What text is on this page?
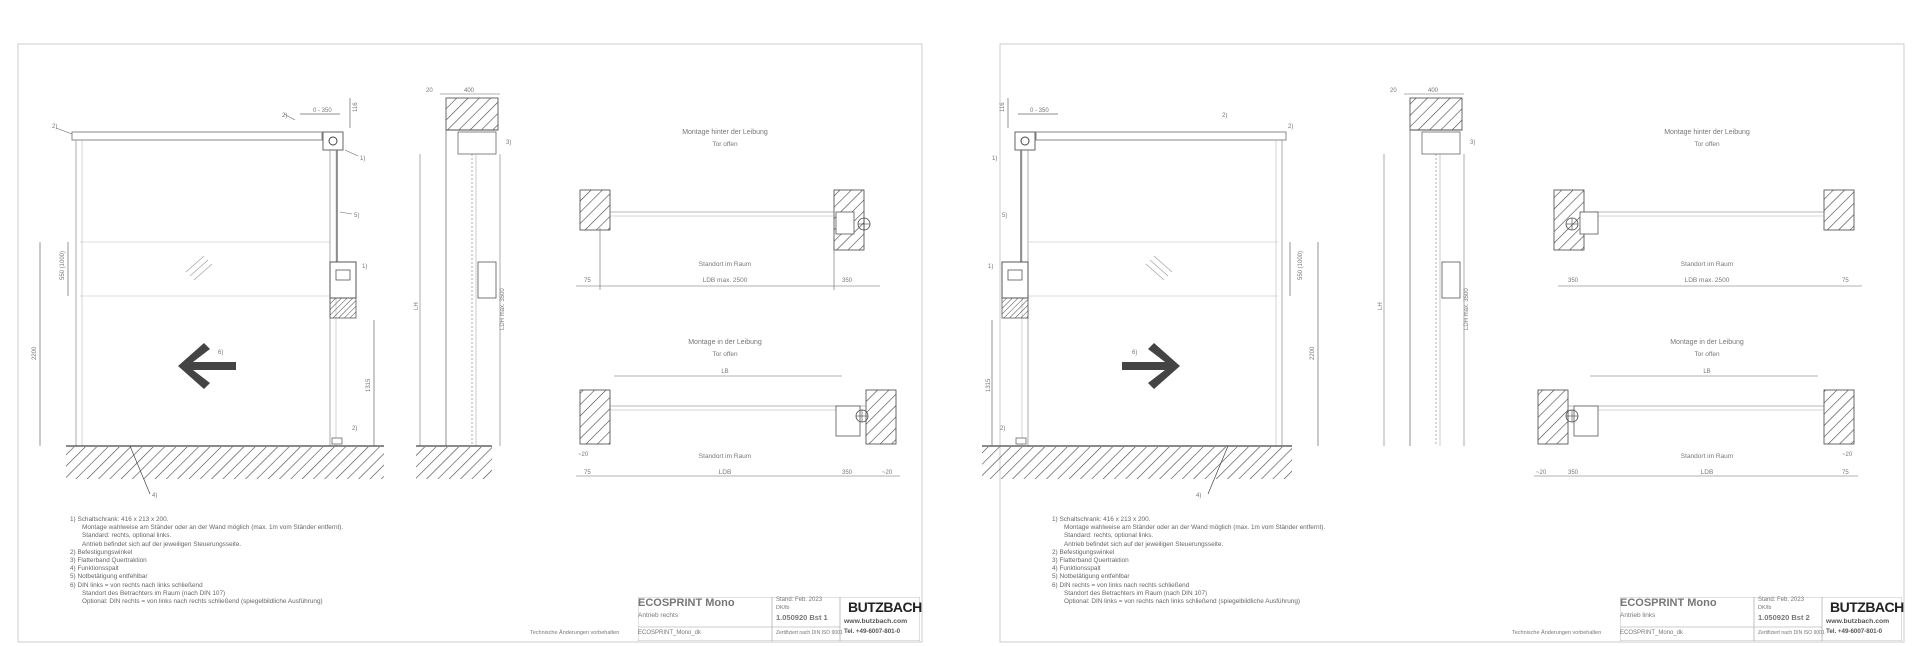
2)
2)
0 - 350	116
1)
5)
1)
6)
2)
4)
550 (1000)
2200
1315
20	400
3)
LH	LDH max. 3500
Montage hinter der Leibung
Tor offen
Standort im Raum
LDB max. 2500
75	350
Montage in der Leibung
Tor offen
LB
Standort im Raum
LDB
~20
75	350	~20
1) Schaltschrank: 416 x 213 x 200.
Montage wahlweise am Ständer oder an der Wand möglich (max. 1m vom Ständer entfernt).
Standard: rechts, optional links.
Antrieb befindet sich auf der jeweiligen Steuerungsseite.
2) Befestigungswinkel
3) Flatterband Quertraktion
4) Funktionsspalt
5) Notbetätigung entfehlbar
6) DIN links = von rechts nach links schließend
Standort des Betrachters im Raum (nach DIN 107)
Optional: DIN rechts = von links nach rechts schließend (spiegelbildliche Ausführung)	ECOSPRINT Mono
Antrieb rechts
ECOSPRINT_Mono_dk
Stand: Feb. 2023
DK/lb
1.050920 Bst 1
Zertifiziert nach DIN ISO 9001
BUTZBACH
www.butzbach.com
Tel. +49-6007-801-0
Technische Änderungen vorbehalten
2)
2)
0 - 350
116
1)
5)
1)
6)
2)
4)
550 (1000)
2200
1315
20	400
3)
LH	LDH max. 3500
Montage hinter der Leibung
Tor offen
Standort im Raum
LDB max. 2500
350	75
Montage in der Leibung
Tor offen
LB
Standort im Raum
LDB
~20	350	75
~20
1) Schaltschrank: 416 x 213 x 200.
Montage wahlweise am Ständer oder an der Wand möglich (max. 1m vom Ständer entfernt).
Standard: rechts, optional links.
Antrieb befindet sich auf der jeweiligen Steuerungsseite.
2) Befestigungswinkel
3) Flatterband Quertraktion
4) Funktionsspalt
5) Notbetätigung entfehlbar
6) DIN rechts = von links nach rechts schließend
Standort des Betrachters im Raum (nach DIN 107)
Optional: DIN links = von rechts nach links schließend (spiegelbildliche Ausführung)	ECOSPRINT Mono
Antrieb links
ECOSPRINT_Mono_dk
Stand: Feb. 2023
DK/lb
1.050920 Bst 2
Zertifiziert nach DIN ISO 9001
BUTZBACH
www.butzbach.com
Tel. +49-6007-801-0
Technische Änderungen vorbehalten
